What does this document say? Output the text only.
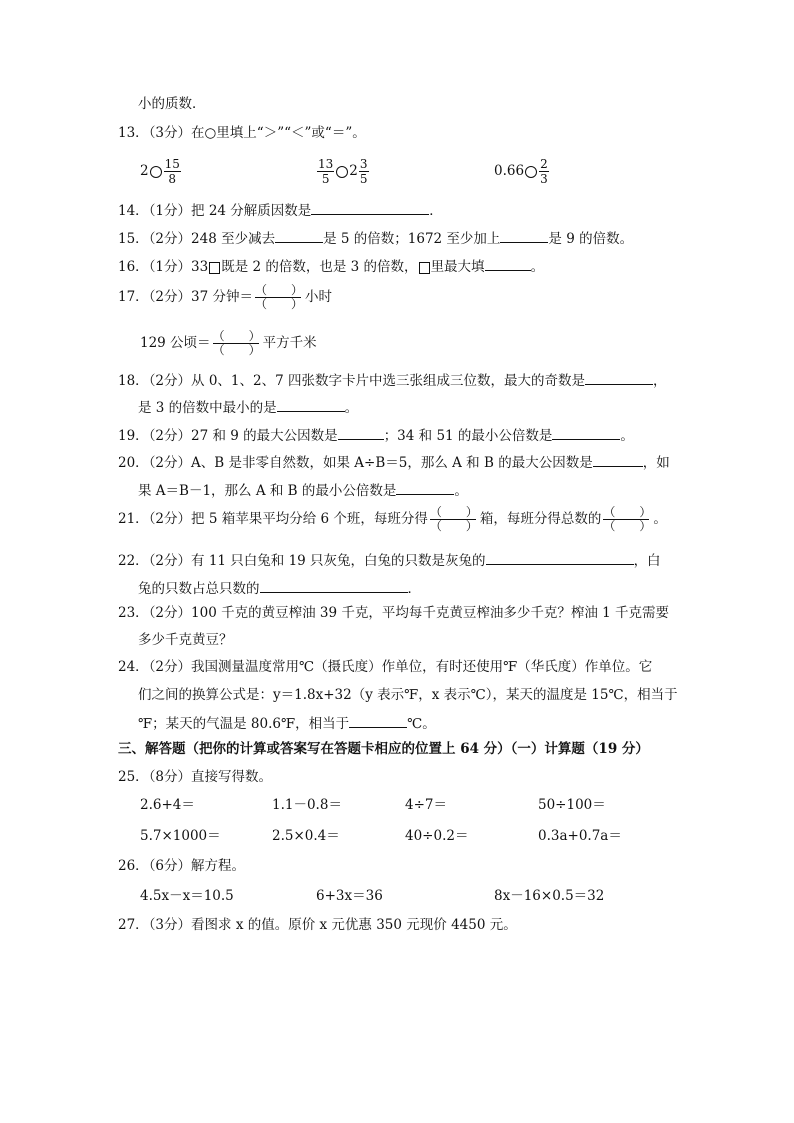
小的质数．
13．（3分）在○里填上“＞”“＜”或“＝”。
$2 \frac{15}{8}$	$\frac{13}{5} 2 \frac{3}{5}$	$0.66 \frac{2}{3}$
14．（1分）把 24 分解质因数是	．
15．（2分）248 至少减去	是 5 的倍数；1672 至少加上	是 9 的倍数。
16．（1分）33 既是 2 的倍数，也是 3 的倍数， 里最大填	。
17．（2分）37 分钟＝ （　　）
（　　） 小时
129 公顷＝ （　　）
（　　） 平方千米
18．（2分）从 0、1、2、7 四张数字卡片中选三张组成三位数，最大的奇数是	，
是 3 的倍数中最小的是	。
19．（2分）27 和 9 的最大公因数是	；34 和 51 的最小公倍数是	。
20．（2分）A、B 是非零自然数，如果 A÷B＝5，那么 A 和 B 的最大公因数是	，如
果 A＝B－1，那么 A 和 B 的最小公倍数是	。
21．（2分）把 5 箱苹果平均分给 6 个班，每班分得 （　　）
（　　） 箱，每班分得总数的 （　　）
（　　） 。
22．（2分）有 11 只白兔和 19 只灰兔，白兔的只数是灰兔的	，白
兔的只数占总只数的	．
23．（2分）100 千克的黄豆榨油 39 千克，平均每千克黄豆榨油多少千克？榨油 1 千克需要
多少千克黄豆？
24．（2分）我国测量温度常用℃（摄氏度）作单位，有时还使用℉（华氏度）作单位。它
们之间的换算公式是：y＝1.8x+32（y 表示℉，x 表示℃），某天的温度是 15℃，相当于
℉；某天的气温是 80.6℉，相当于	℃。
三、解答题（把你的计算或答案写在答题卡相应的位置上 64 分）（一）计算题（19 分）
25．（8分）直接写得数。
2.6+4＝	1.1－0.8＝	4÷7＝	50÷100＝
5.7×1000＝	2.5×0.4＝	40÷0.2＝	0.3a+0.7a＝
26．（6分）解方程。
4.5x－x＝10.5	6+3x＝36	8x－16×0.5＝32
27．（3分）看图求 x 的值。原价 x 元优惠 350 元现价 4450 元。
